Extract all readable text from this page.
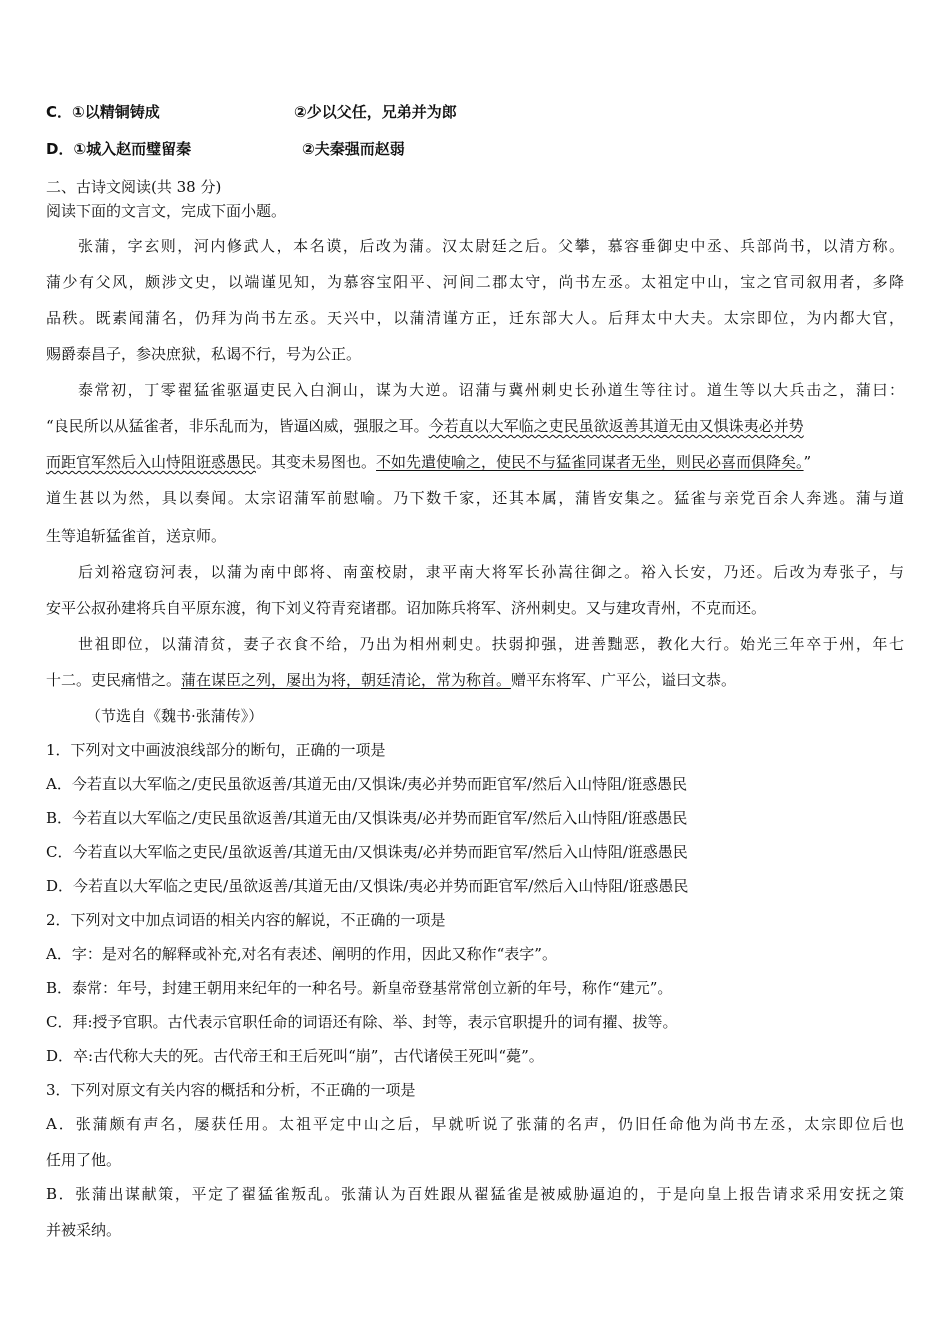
C．①以精铜铸成	②少以父任，兄弟并为郎
D．①城入赵而璧留秦	②夫秦强而赵弱
二、古诗文阅读(共 38 分)
阅读下面的文言文，完成下面小题。
张蒲，字玄则，河内修武人，本名谟，后改为蒲。汉太尉廷之后。父攀，慕容垂御史中丞、兵部尚书，以清方称。
蒲少有父风，颇涉文史，以端谨见知，为慕容宝阳平、河间二郡太守，尚书左丞。太祖定中山，宝之官司叙用者，多降
品秩。既素闻蒲名，仍拜为尚书左丞。天兴中，以蒲清谨方正，迁东部大人。后拜太中大夫。太宗即位，为内都大官，
赐爵泰昌子，参决庶狱，私谒不行，号为公正。
泰常初，丁零翟猛雀驱逼吏民入白涧山，谋为大逆。诏蒲与冀州刺史长孙道生等往讨。道生等以大兵击之，蒲曰：
“良民所以从猛雀者，非乐乱而为，皆逼凶威，强服之耳。今若直以大军临之吏民虽欲返善其道无由又惧诛夷必并势
而距官军然后入山恃阻诳惑愚民。其变未易图也。不如先遣使喻之，使民不与猛雀同谋者无坐，则民必喜而俱降矣。”
道生甚以为然，具以奏闻。太宗诏蒲军前慰喻。乃下数千家，还其本属，蒲皆安集之。猛雀与亲党百余人奔逃。蒲与道
生等追斩猛雀首，送京师。
后刘裕寇窃河表，以蒲为南中郎将、南蛮校尉，隶平南大将军长孙嵩往御之。裕入长安，乃还。后改为寿张子，与
安平公叔孙建将兵自平原东渡，徇下刘义符青兖诸郡。诏加陈兵将军、济州刺史。又与建攻青州，不克而还。
世祖即位，以蒲清贫，妻子衣食不给，乃出为相州刺史。扶弱抑强，进善黜恶，教化大行。始光三年卒于州，年七
十二。吏民痛惜之。蒲在谋臣之列，屡出为将，朝廷清论，常为称首。赠平东将军、广平公，谥曰文恭。
（节选自《魏书·张蒲传》）
1．下列对文中画波浪线部分的断句，正确的一项是
A．今若直以大军临之/吏民虽欲返善/其道无由/又惧诛/夷必并势而距官军/然后入山恃阻/诳惑愚民
B．今若直以大军临之/吏民虽欲返善/其道无由/又惧诛夷/必并势而距官军/然后入山恃阻/诳惑愚民
C．今若直以大军临之吏民/虽欲返善/其道无由/又惧诛夷/必并势而距官军/然后入山恃阻/诳惑愚民
D．今若直以大军临之吏民/虽欲返善/其道无由/又惧诛/夷必并势而距官军/然后入山恃阻/诳惑愚民
2．下列对文中加点词语的相关内容的解说，不正确的一项是
A．字：是对名的解释或补充,对名有表述、阐明的作用，因此又称作“表字”。
B．泰常：年号，封建王朝用来纪年的一种名号。新皇帝登基常常创立新的年号，称作“建元”。
C．拜:授予官职。古代表示官职任命的词语还有除、举、封等，表示官职提升的词有擢、拔等。
D．卒:古代称大夫的死。古代帝王和王后死叫“崩”，古代诸侯王死叫“薨”。
3．下列对原文有关内容的概括和分析，不正确的一项是
A．张蒲颇有声名，屡获任用。太祖平定中山之后，早就听说了张蒲的名声，仍旧任命他为尚书左丞，太宗即位后也
任用了他。
B．张蒲出谋献策，平定了翟猛雀叛乱。张蒲认为百姓跟从翟猛雀是被威胁逼迫的，于是向皇上报告请求采用安抚之策
并被采纳。
